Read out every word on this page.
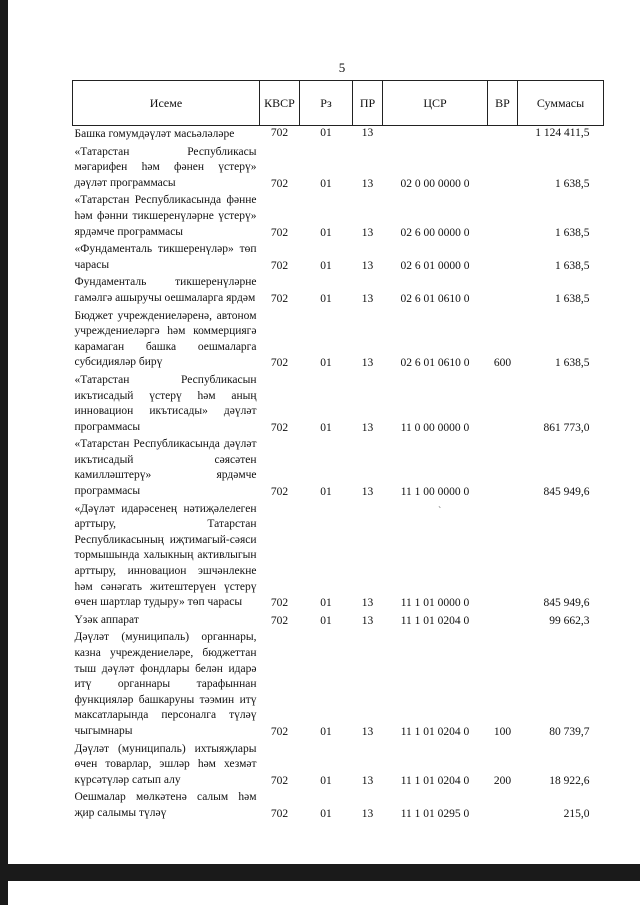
5
Исеме	КВСР	Рз	ПР	ЦСР	ВР	Суммасы
Башка гомумдәүләт масьәләләре	702	01	13			1 124 411,5
«Татарстан Республикасы мәгарифен һәм фәнен үстерү» дәүләт программасы	702	01	13	02 0 00 0000 0		1 638,5
«Татарстан Республикасында фәнне һәм фәнни тикшеренүләрне үстерү» ярдәмче программасы	702	01	13	02 6 00 0000 0		1 638,5
«Фундаменталь тикшеренүләр» төп чарасы	702	01	13	02 6 01 0000 0		1 638,5
Фундаменталь тикшеренүләрне гамәлгә ашыручы оешмаларга ярдәм	702	01	13	02 6 01 0610 0		1 638,5
Бюджет учреждениеләренә, автоном учреждениеләргә һәм коммерциягә карамаган башка оешмаларга субсидияләр бирү	702	01	13	02 6 01 0610 0	600	1 638,5
«Татарстан Республикасын икътисадый үстерү һәм аның инновацион икътисады» дәүләт программасы	702	01	13	11 0 00 0000 0		861 773,0
«Татарстан Республикасында дәүләт икътисадый сәясәтен камилләштерү» ярдәмче программасы	702	01	13	11 1 00 0000 0		845 949,6
«Дәүләт идарәсенең нәтиҗәлелеген арттыру, Татарстан Республикасының иҗтимагый-сәяси тормышында халыкның активлыгын арттыру, инновацион эшчәнлекне һәм сәнәгать житештерүен үстерү өчен шартлар тудыру» төп чарасы	702	01	13	11 1 01 0000 0		845 949,6
Үзәк аппарат	702	01	13	11 1 01 0204 0		99 662,3
Дәүләт (муниципаль) органнары, казна учреждениеләре, бюджеттан тыш дәүләт фондлары белән идарә итү органнары тарафыннан функцияләр башкаруны тәэмин итү максатларында персоналга түләү чыгымнары	702	01	13	11 1 01 0204 0	100	80 739,7
Дәүләт (муниципаль) ихтыяҗлары өчен товарлар, эшләр һәм хезмәт күрсәтүләр сатып алу	702	01	13	11 1 01 0204 0	200	18 922,6
Оешмалар мөлкәтенә салым һәм җир салымы түләү	702	01	13	11 1 01 0295 0		215,0
`
